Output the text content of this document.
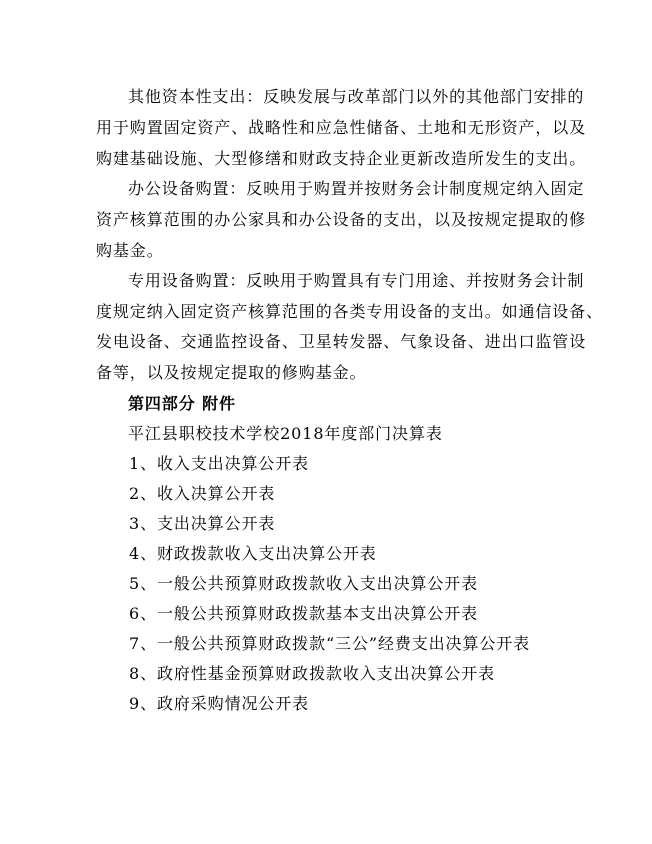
其他资本性支出：反映发展与改革部门以外的其他部门安排的
用于购置固定资产、战略性和应急性储备、土地和无形资产，以及
购建基础设施、大型修缮和财政支持企业更新改造所发生的支出。
办公设备购置：反映用于购置并按财务会计制度规定纳入固定
资产核算范围的办公家具和办公设备的支出，以及按规定提取的修
购基金。
专用设备购置：反映用于购置具有专门用途、并按财务会计制
度规定纳入固定资产核算范围的各类专用设备的支出。如通信设备、
发电设备、交通监控设备、卫星转发器、气象设备、进出口监管设
备等，以及按规定提取的修购基金。
第四部分 附件
平江县职校技术学校2018年度部门决算表
1、收入支出决算公开表
2、收入决算公开表
3、支出决算公开表
4、财政拨款收入支出决算公开表
5、一般公共预算财政拨款收入支出决算公开表
6、一般公共预算财政拨款基本支出决算公开表
7、一般公共预算财政拨款“三公”经费支出决算公开表
8、政府性基金预算财政拨款收入支出决算公开表
9、政府采购情况公开表
